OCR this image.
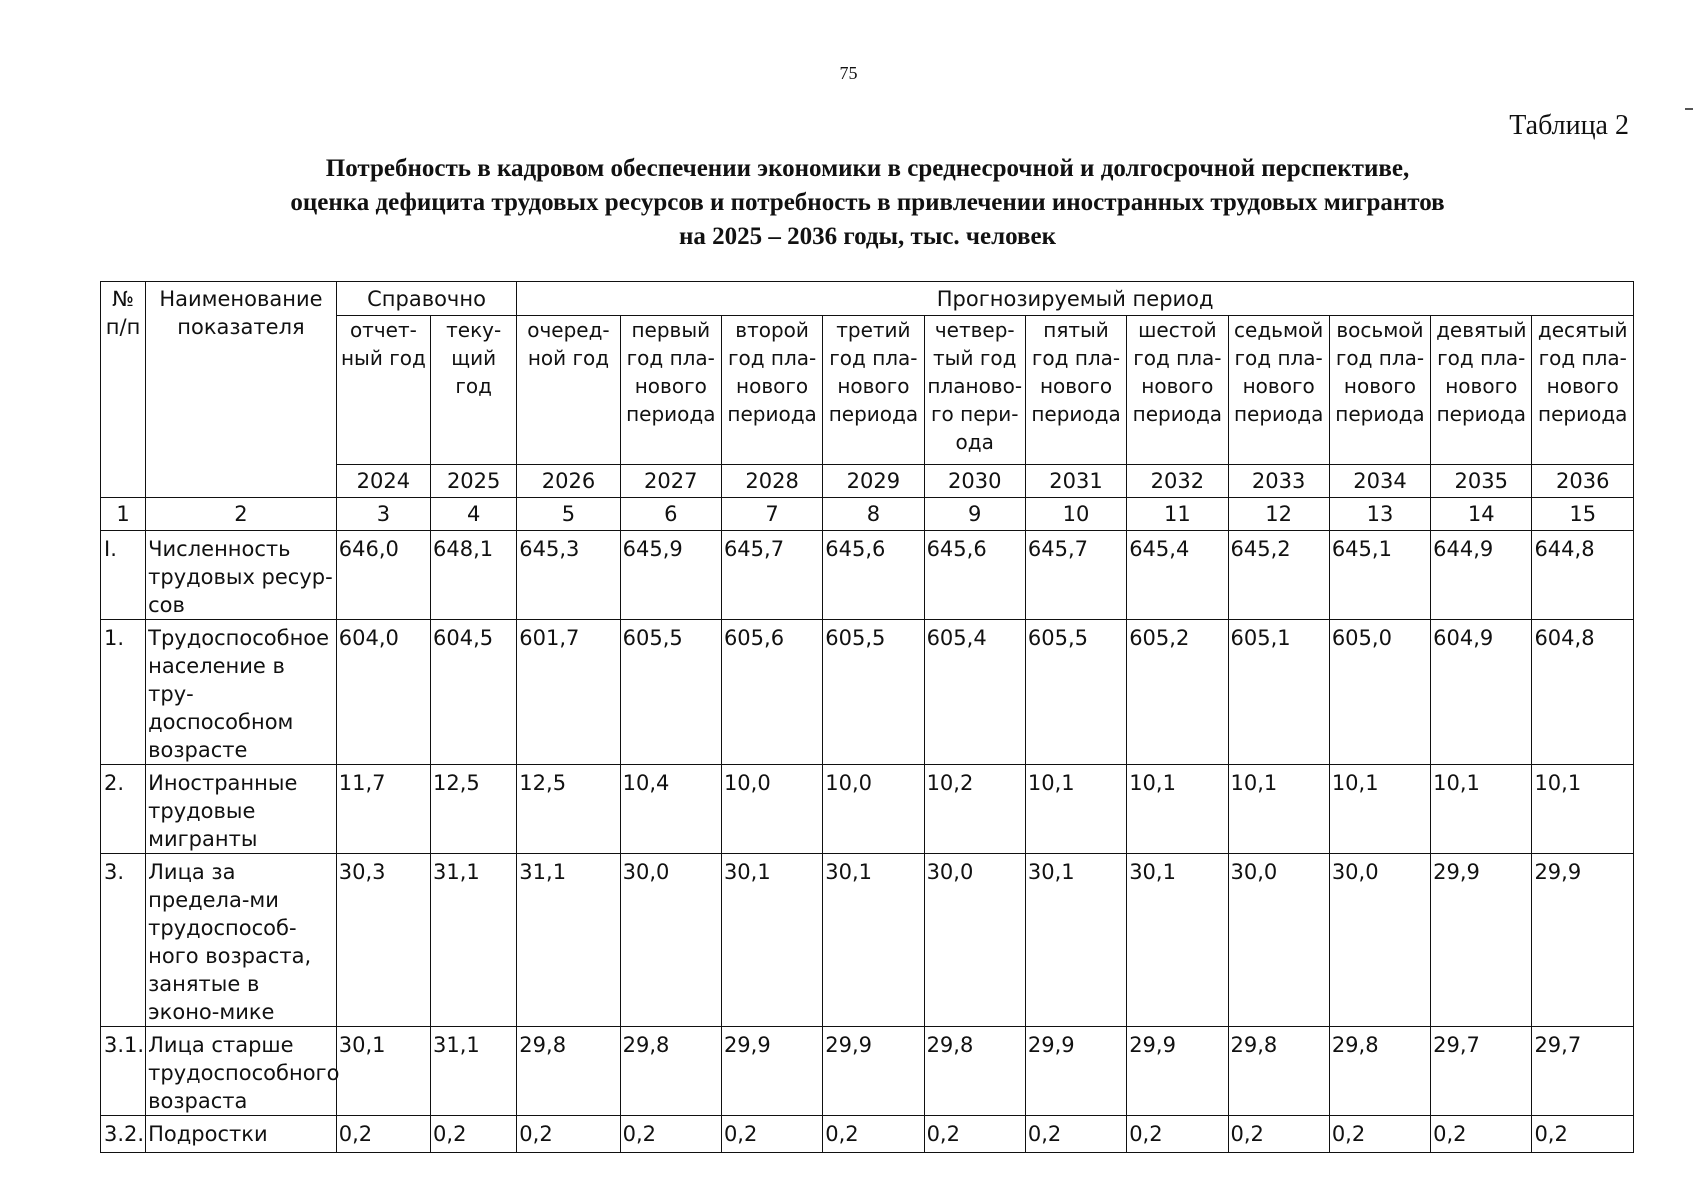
75
Таблица 2
Потребность в кадровом обеспечении экономики в среднесрочной и долгосрочной перспективе,
оценка дефицита трудовых ресурсов и потребность в привлечении иностранных трудовых мигрантов
на 2025 – 2036 годы, тыс. человек
№ п/п	Наименование показателя	Справочно		Прогнозируемый период										
		отчет-ный год	теку-щий год	очеред-ной год	первый год пла-нового периода	второй год пла-нового периода	третий год пла-нового периода	четвер-тый год планово-го пери-ода	пятый год пла-нового периода	шестой год пла-нового периода	седьмой год пла-нового периода	восьмой год пла-нового периода	девятый год пла-нового периода	десятый год пла-нового периода
		2024	2025	2026	2027	2028	2029	2030	2031	2032	2033	2034	2035	2036
1	2	3	4	5	6	7	8	9	10	11	12	13	14	15
I.	Численность трудовых ресур-сов	646,0	648,1	645,3	645,9	645,7	645,6	645,6	645,7	645,4	645,2	645,1	644,9	644,8
1.	Трудоспособное население в тру-доспособном возрасте	604,0	604,5	601,7	605,5	605,6	605,5	605,4	605,5	605,2	605,1	605,0	604,9	604,8
2.	Иностранные трудовые мигранты	11,7	12,5	12,5	10,4	10,0	10,0	10,2	10,1	10,1	10,1	10,1	10,1	10,1
3.	Лица за предела-ми трудоспособ-ного возраста, занятые в эконо-мике	30,3	31,1	31,1	30,0	30,1	30,1	30,0	30,1	30,1	30,0	30,0	29,9	29,9
3.1.	Лица старше трудоспособного возраста	30,1	31,1	29,8	29,8	29,9	29,9	29,8	29,9	29,9	29,8	29,8	29,7	29,7
3.2.	Подростки	0,2	0,2	0,2	0,2	0,2	0,2	0,2	0,2	0,2	0,2	0,2	0,2	0,2
